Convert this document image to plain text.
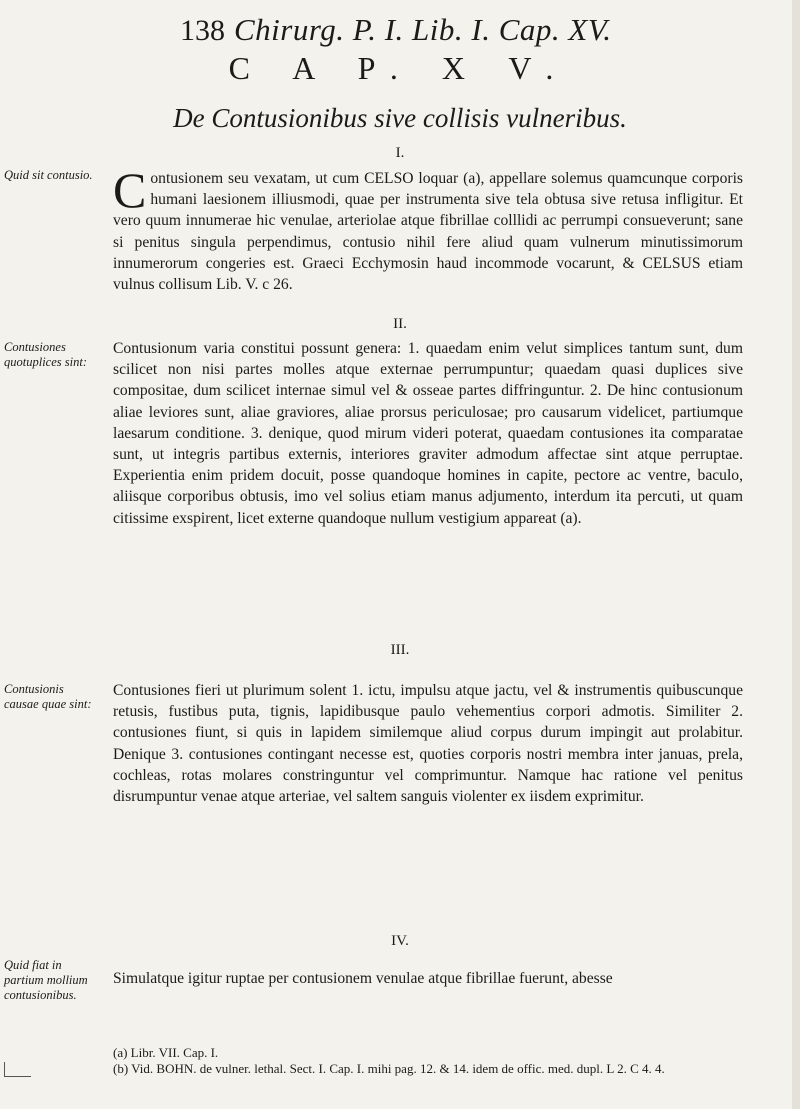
138 Chirurg. P. I. Lib. I. Cap. XV.
C A P. X V.
De Contusionibus sive collisis vulneribus.
I.
Quid sit contusio. Contusionem seu vexatam, ut cum CELSO loquar (a), appellare solemus quamcunque corporis humani laesionem illiusmodi, quae per instrumenta sive tela obtusa sive retusa infligitur. Et vero quum innumerae hic venulae, arteriolae atque fibrillae colllidi ac perrumpi consueverunt; sane si penitus singula perpendimus, contusio nihil fere aliud quam vulnerum minutissimorum innumerorum congeries est. Graeci Ecchymosin haud incommode vocarunt, & CELSUS etiam vulnus collisum Lib. V. c 26.

II.
Contusiones quotuplices sint:
Contusionum varia constitui possunt genera: 1. quaedam enim velut simplices tantum sunt, dum scilicet non nisi partes molles atque externae perrumpuntur; quaedam quasi duplices sive compositae, dum scilicet internae simul vel & osseae partes diffringuntur. 2. De hinc contusionum aliae leviores sunt, aliae graviores, aliae prorsus periculosae; pro causarum videlicet, partiumque laesarum conditione. 3. denique, quod mirum videri poterat, quaedam contusiones ita comparatae sunt, ut integris partibus externis, interiores graviter admodum affectae sint atque perruptae. Experientia enim pridem docuit, posse quandoque homines in capite, pectore ac ventre, baculo, aliisque corporibus obtusis, imo vel solius etiam manus adjumento, interdum ita percuti, ut quam citissime exspirent, licet externe quandoque nullum vestigium appareat (a).
III.
Contusionis causae quae sint:
Contusiones fieri ut plurimum solent 1. ictu, impulsu atque jactu, vel & instrumentis quibuscunque retusis, fustibus puta, tignis, lapidibusque paulo vehementius corpori admotis. Similiter 2. contusiones fiunt, si quis in lapidem similemque aliud corpus durum impingit aut prolabitur. Denique 3. contusiones contingant necesse est, quoties corporis nostri membra inter januas, prela, cochleas, rotas molares constringuntur vel comprimuntur. Namque hac ratione vel penitus disrumpuntur venae atque arteriae, vel saltem sanguis violenter ex iisdem exprimitur.
IV.
Quid fiat in partium mollium contusionibus.
Simulatque igitur ruptae per contusionem venulae atque fibrillae fuerunt, abesse
(a) Libr. VII. Cap. I.
(b) Vid. BOHN. de vulner. lethal. Sect. I. Cap. I. mihi pag. 12. & 14. idem de offic. med. dupl. L 2. C 4. 4.
